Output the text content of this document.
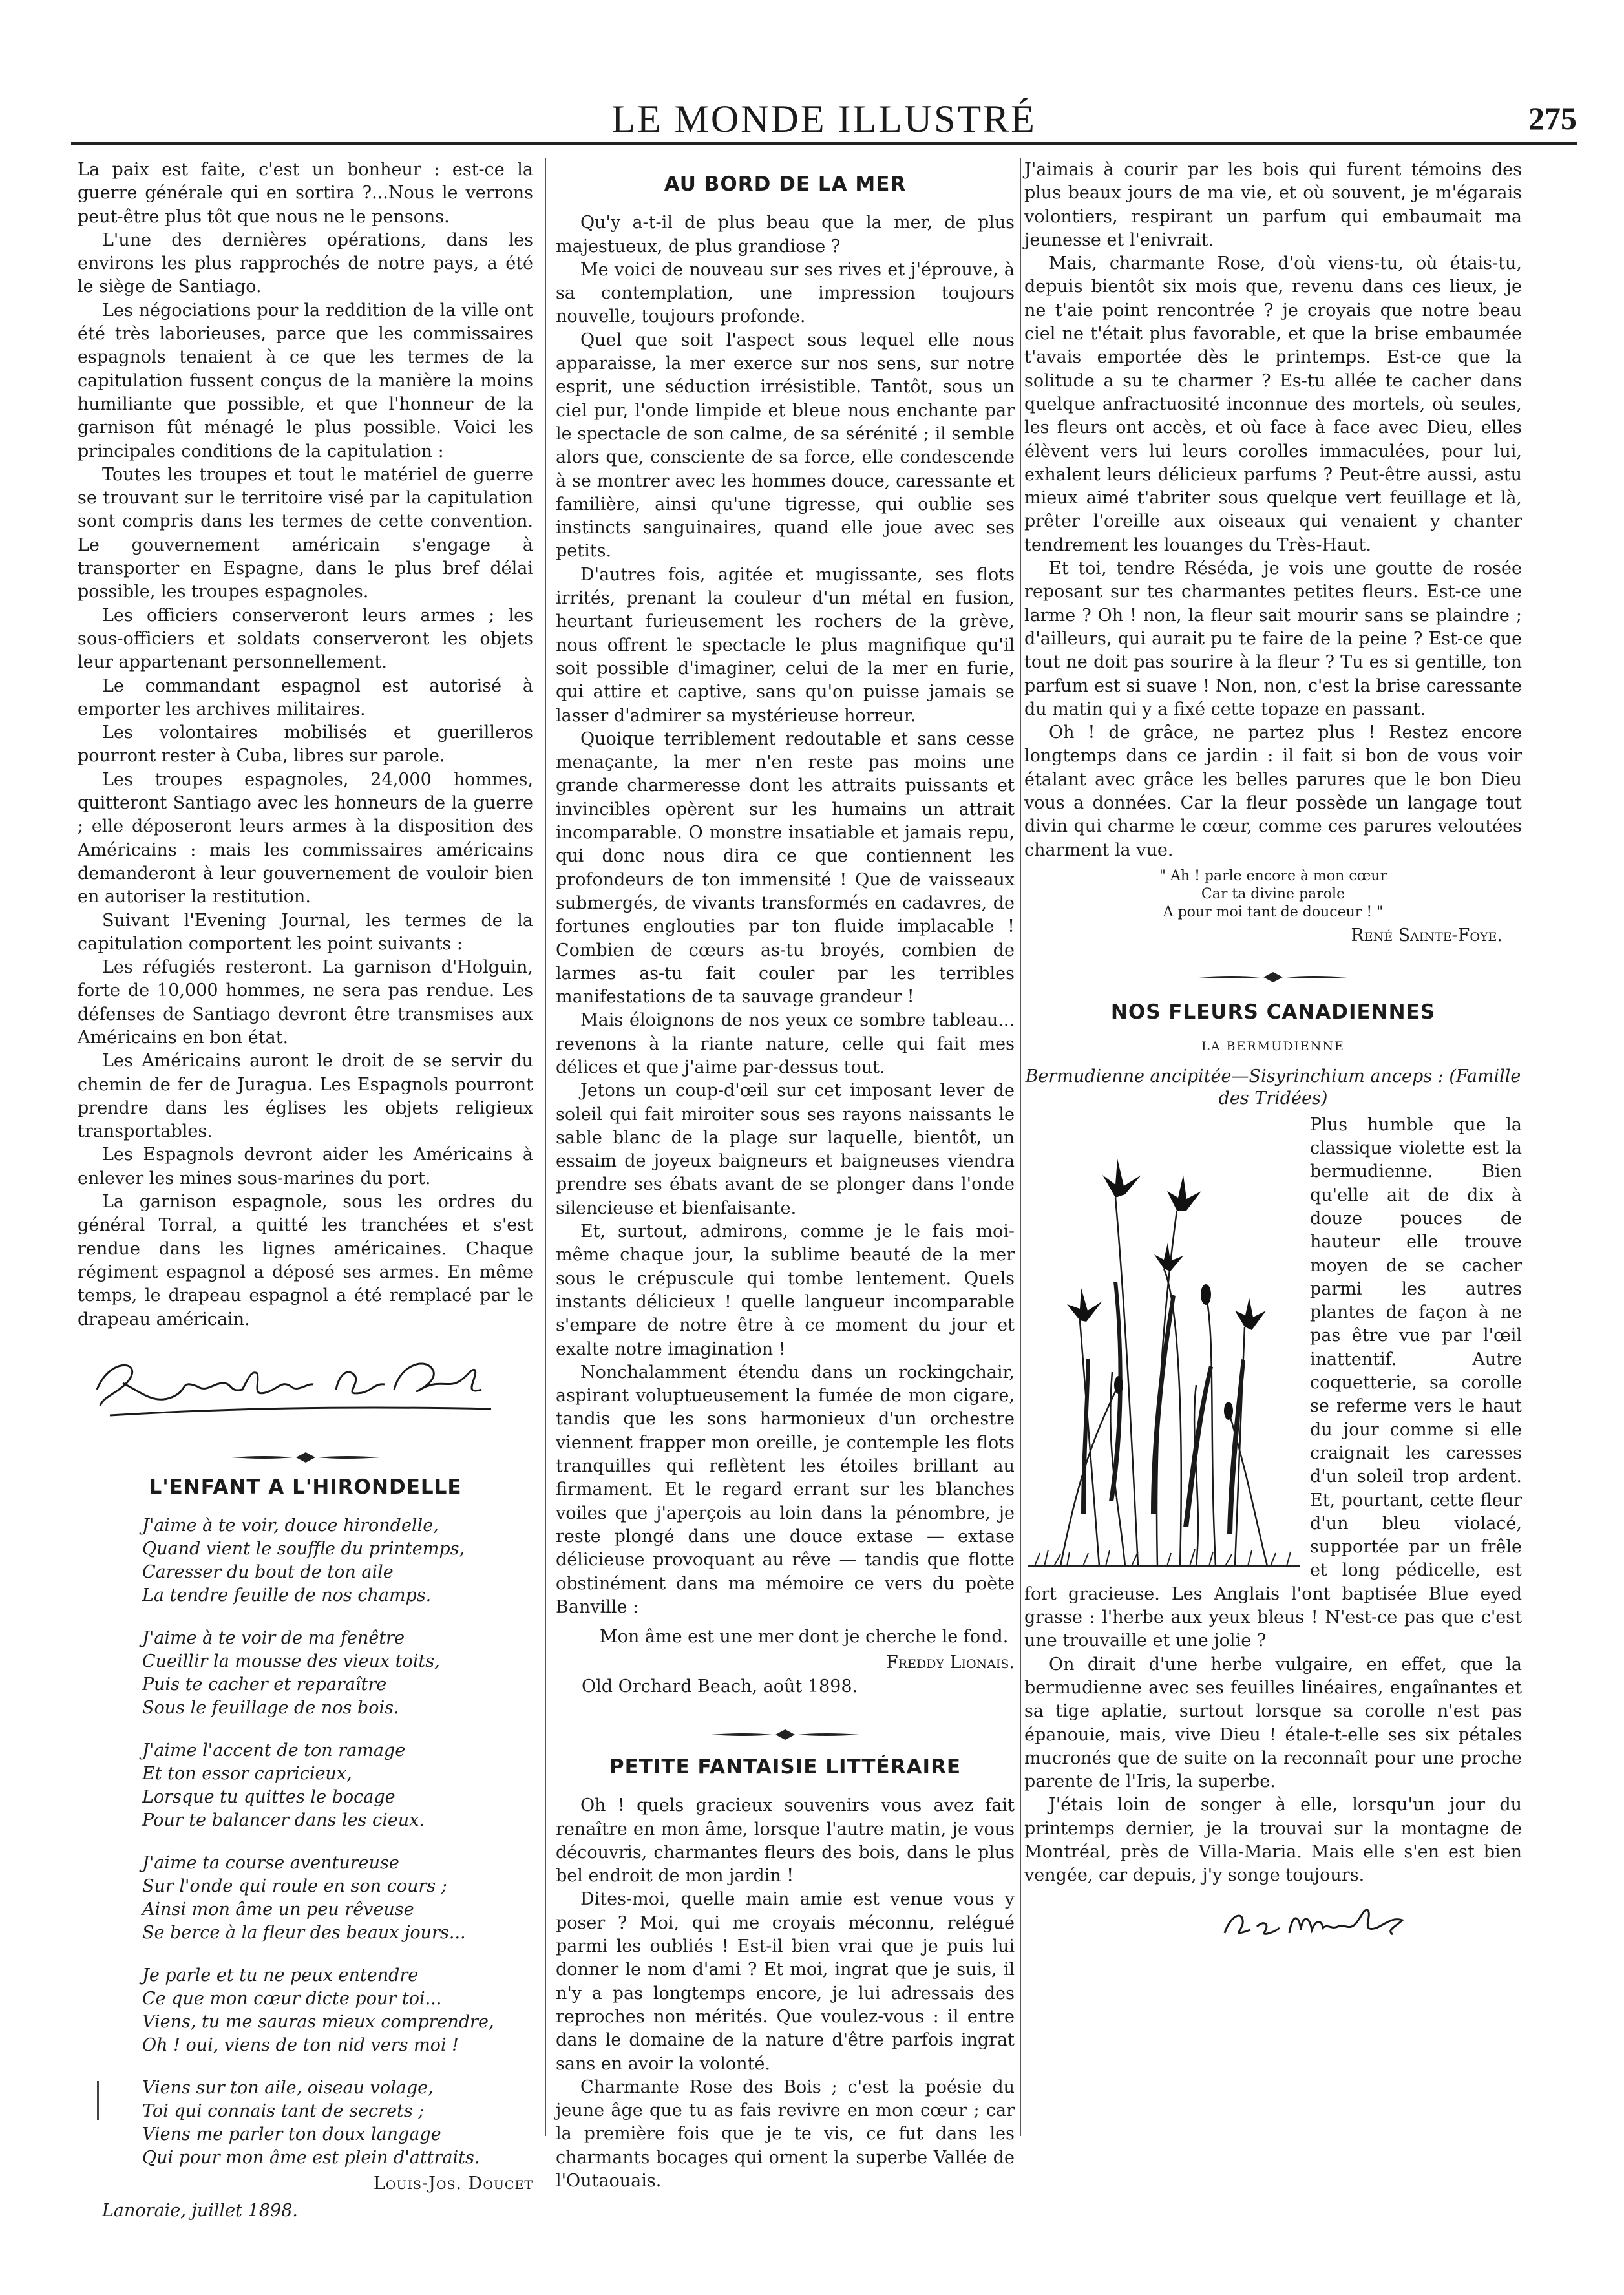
LE MONDE ILLUSTRÉ	275

La paix est faite, c'est un bonheur : est-ce la guerre générale qui en sortira ?...Nous le verrons peut-être plus tôt que nous ne le pensons.

L'une des dernières opérations, dans les environs les plus rapprochés de notre pays, a été le siège de Santiago.

Les négociations pour la reddition de la ville ont été très laborieuses, parce que les commissaires espagnols tenaient à ce que les termes de la capitulation fussent conçus de la manière la moins humiliante que possible, et que l'honneur de la garnison fût ménagé le plus possible. Voici les principales conditions de la capitulation :

Toutes les troupes et tout le matériel de guerre se trouvant sur le territoire visé par la capitulation sont compris dans les termes de cette convention. Le gouvernement américain s'engage à transporter en Espagne, dans le plus bref délai possible, les troupes espagnoles.

Les officiers conserveront leurs armes ; les sous-officiers et soldats conserveront les objets leur appartenant personnellement.

Le commandant espagnol est autorisé à emporter les archives militaires.

Les volontaires mobilisés et guerilleros pourront rester à Cuba, libres sur parole.

Les troupes espagnoles, 24,000 hommes, quitteront Santiago avec les honneurs de la guerre ; elle déposeront leurs armes à la disposition des Américains : mais les commissaires américains demanderont à leur gouvernement de vouloir bien en autoriser la restitution.

Suivant l'Evening Journal, les termes de la capitulation comportent les point suivants :

Les réfugiés resteront. La garnison d'Holguin, forte de 10,000 hommes, ne sera pas rendue. Les défenses de Santiago devront être transmises aux Américains en bon état.

Les Américains auront le droit de se servir du chemin de fer de Juragua. Les Espagnols pourront prendre dans les églises les objets religieux transportables.

Les Espagnols devront aider les Américains à enlever les mines sous-marines du port.

La garnison espagnole, sous les ordres du général Torral, a quitté les tranchées et s'est rendue dans les lignes américaines. Chaque régiment espagnol a déposé ses armes. En même temps, le drapeau espagnol a été remplacé par le drapeau américain.

L'ENFANT A L'HIRONDELLE
J'aime à te voir, douce hirondelle,
Quand vient le souffle du printemps,
Caresser du bout de ton aile
La tendre feuille de nos champs.
J'aime à te voir de ma fenêtre
Cueillir la mousse des vieux toits,
Puis te cacher et reparaître
Sous le feuillage de nos bois.
J'aime l'accent de ton ramage
Et ton essor capricieux,
Lorsque tu quittes le bocage
Pour te balancer dans les cieux.
J'aime ta course aventureuse
Sur l'onde qui roule en son cours ;
Ainsi mon âme un peu rêveuse
Se berce à la fleur des beaux jours...
Je parle et tu ne peux entendre
Ce que mon cœur dicte pour toi...
Viens, tu me sauras mieux comprendre,
Oh ! oui, viens de ton nid vers moi !
Viens sur ton aile, oiseau volage,
Toi qui connais tant de secrets ;
Viens me parler ton doux langage
Qui pour mon âme est plein d'attraits.
Louis-Jos. Doucet
Lanoraie, juillet 1898.
AU BORD DE LA MER

Qu'y a-t-il de plus beau que la mer, de plus majestueux, de plus grandiose ?

Me voici de nouveau sur ses rives et j'éprouve, à sa contemplation, une impression toujours nouvelle, toujours profonde.

Quel que soit l'aspect sous lequel elle nous apparaisse, la mer exerce sur nos sens, sur notre esprit, une séduction irrésistible. Tantôt, sous un ciel pur, l'onde limpide et bleue nous enchante par le spectacle de son calme, de sa sérénité ; il semble alors que, consciente de sa force, elle condescende à se montrer avec les hommes douce, caressante et familière, ainsi qu'une tigresse, qui oublie ses instincts sanguinaires, quand elle joue avec ses petits.

D'autres fois, agitée et mugissante, ses flots irrités, prenant la couleur d'un métal en fusion, heurtant furieusement les rochers de la grève, nous offrent le spectacle le plus magnifique qu'il soit possible d'imaginer, celui de la mer en furie, qui attire et captive, sans qu'on puisse jamais se lasser d'admirer sa mystérieuse horreur.

Quoique terriblement redoutable et sans cesse menaçante, la mer n'en reste pas moins une grande charmeresse dont les attraits puissants et invincibles opèrent sur les humains un attrait incomparable. O monstre insatiable et jamais repu, qui donc nous dira ce que contiennent les profondeurs de ton immensité ! Que de vaisseaux submergés, de vivants transformés en cadavres, de fortunes englouties par ton fluide implacable ! Combien de cœurs as-tu broyés, combien de larmes as-tu fait couler par les terribles manifestations de ta sauvage grandeur !

Mais éloignons de nos yeux ce sombre tableau... revenons à la riante nature, celle qui fait mes délices et que j'aime par-dessus tout.

Jetons un coup-d'œil sur cet imposant lever de soleil qui fait miroiter sous ses rayons naissants le sable blanc de la plage sur laquelle, bientôt, un essaim de joyeux baigneurs et baigneuses viendra prendre ses ébats avant de se plonger dans l'onde silencieuse et bienfaisante.

Et, surtout, admirons, comme je le fais moi-même chaque jour, la sublime beauté de la mer sous le crépuscule qui tombe lentement. Quels instants délicieux ! quelle langueur incomparable s'empare de notre être à ce moment du jour et exalte notre imagination !

Nonchalamment étendu dans un rockingchair, aspirant voluptueusement la fumée de mon cigare, tandis que les sons harmonieux d'un orchestre viennent frapper mon oreille, je contemple les flots tranquilles qui reflètent les étoiles brillant au firmament. Et le regard errant sur les blanches voiles que j'aperçois au loin dans la pénombre, je reste plongé dans une douce extase — extase délicieuse provoquant au rêve — tandis que flotte obstinément dans ma mémoire ce vers du poète Banville :

Mon âme est une mer dont je cherche le fond.

Freddy Lionais.
Old Orchard Beach, août 1898.
PETITE FANTAISIE LITTÉRAIRE

Oh ! quels gracieux souvenirs vous avez fait renaître en mon âme, lorsque l'autre matin, je vous découvris, charmantes fleurs des bois, dans le plus bel endroit de mon jardin !

Dites-moi, quelle main amie est venue vous y poser ? Moi, qui me croyais méconnu, relégué parmi les oubliés ! Est-il bien vrai que je puis lui donner le nom d'ami ? Et moi, ingrat que je suis, il n'y a pas longtemps encore, je lui adressais des reproches non mérités. Que voulez-vous : il entre dans le domaine de la nature d'être parfois ingrat sans en avoir la volonté.

Charmante Rose des Bois ; c'est la poésie du jeune âge que tu as fais revivre en mon cœur ; car la première fois que je te vis, ce fut dans les charmants bocages qui ornent la superbe Vallée de l'Outaouais.

J'aimais à courir par les bois qui furent témoins des plus beaux jours de ma vie, et où souvent, je m'égarais volontiers, respirant un parfum qui embaumait ma jeunesse et l'enivrait.

Mais, charmante Rose, d'où viens-tu, où étais-tu, depuis bientôt six mois que, revenu dans ces lieux, je ne t'aie point rencontrée ? je croyais que notre beau ciel ne t'était plus favorable, et que la brise embaumée t'avais emportée dès le printemps. Est-ce que la solitude a su te charmer ? Es-tu allée te cacher dans quelque anfractuosité inconnue des mortels, où seules, les fleurs ont accès, et où face à face avec Dieu, elles élèvent vers lui leurs corolles immaculées, pour lui, exhalent leurs délicieux parfums ? Peut-être aussi, astu mieux aimé t'abriter sous quelque vert feuillage et là, prêter l'oreille aux oiseaux qui venaient y chanter tendrement les louanges du Très-Haut.

Et toi, tendre Réséda, je vois une goutte de rosée reposant sur tes charmantes petites fleurs. Est-ce une larme ? Oh ! non, la fleur sait mourir sans se plaindre ; d'ailleurs, qui aurait pu te faire de la peine ? Est-ce que tout ne doit pas sourire à la fleur ? Tu es si gentille, ton parfum est si suave ! Non, non, c'est la brise caressante du matin qui y a fixé cette topaze en passant.

Oh ! de grâce, ne partez plus ! Restez encore longtemps dans ce jardin : il fait si bon de vous voir étalant avec grâce les belles parures que le bon Dieu vous a données. Car la fleur possède un langage tout divin qui charme le cœur, comme ces parures veloutées charment la vue.

" Ah ! parle encore à mon cœur
Car ta divine parole
A pour moi tant de douceur ! "
René Sainte-Foye.
NOS FLEURS CANADIENNES
LA BERMUDIENNE
Bermudienne ancipitée—Sisyrinchium anceps : (Famille des Tridées)

Plus humble que la classique violette est la bermudienne. Bien qu'elle ait de dix à douze pouces de hauteur elle trouve moyen de se cacher parmi les autres plantes de façon à ne pas être vue par l'œil inattentif. Autre coquetterie, sa corolle se referme vers le haut du jour comme si elle craignait les caresses d'un soleil trop ardent. Et, pourtant, cette fleur d'un bleu violacé, supportée par un frêle et long pédicelle, est fort gracieuse. Les Anglais l'ont baptisée Blue eyed grasse : l'herbe aux yeux bleus ! N'est-ce pas que c'est une trouvaille et une jolie ?

On dirait d'une herbe vulgaire, en effet, que la bermudienne avec ses feuilles linéaires, engaînantes et sa tige aplatie, surtout lorsque sa corolle n'est pas épanouie, mais, vive Dieu ! étale-t-elle ses six pétales mucronés que de suite on la reconnaît pour une proche parente de l'Iris, la superbe.

J'étais loin de songer à elle, lorsqu'un jour du printemps dernier, je la trouvai sur la montagne de Montréal, près de Villa-Maria. Mais elle s'en est bien vengée, car depuis, j'y songe toujours.
